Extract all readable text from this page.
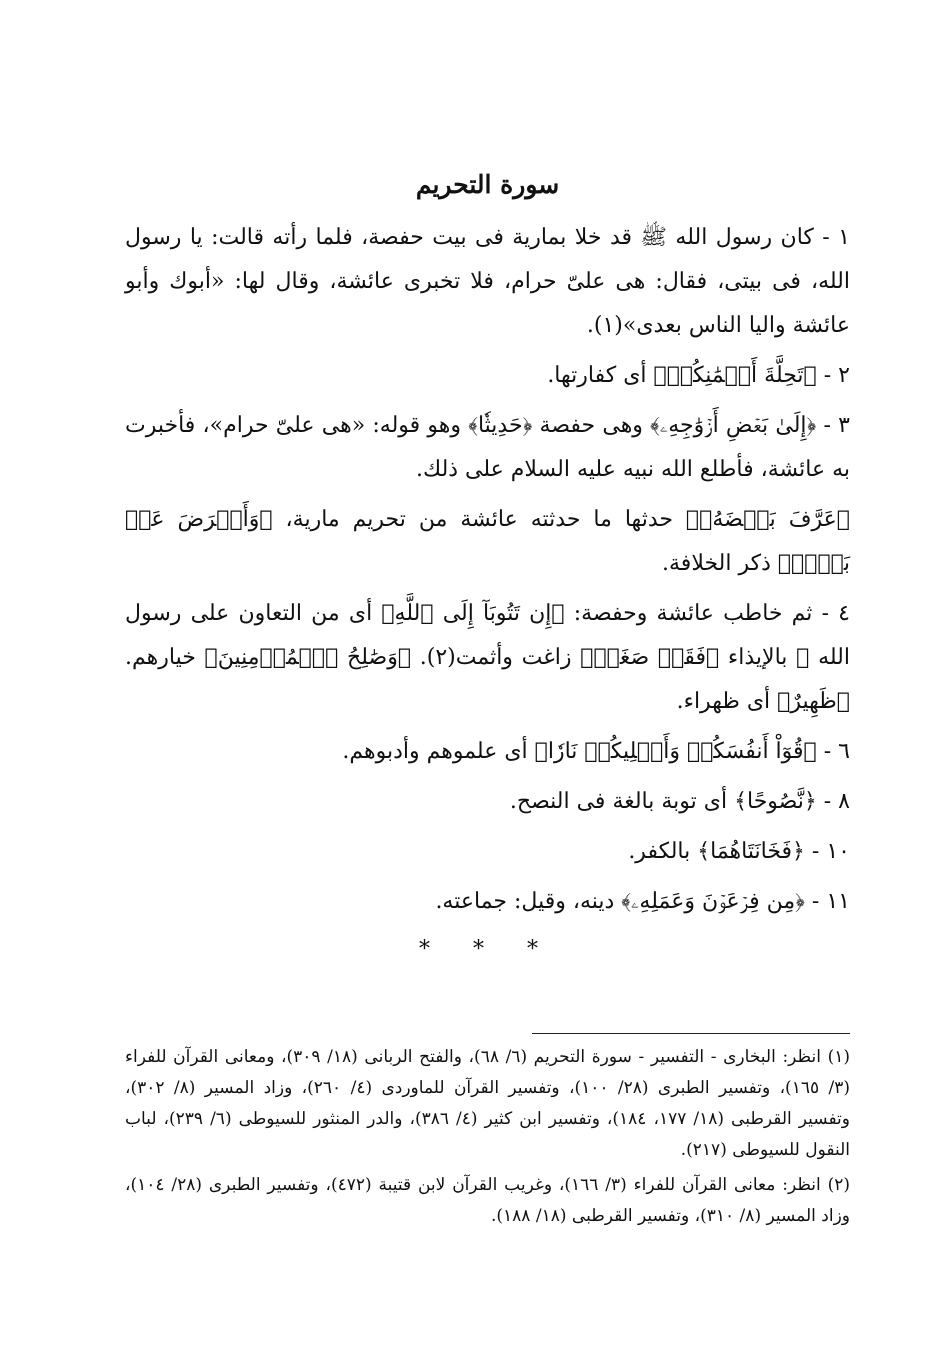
سورة التحريم

١ - كان رسول الله ﷺ قد خلا بمارية فى بيت حفصة، فلما رأته قالت: يا رسول الله، فى بيتى، فقال: هى علىّ حرام، فلا تخبرى عائشة، وقال لها: «أبوك وأبو عائشة واليا الناس بعدى»(١).

٢ - ﴿تَحِلَّةَ أَيۡمَٰنِكُمۡ﴾ أى كفارتها.

٣ - ﴿إِلَىٰ بَعۡضِ أَزۡوَٰجِهِۦ﴾ وهى حفصة ﴿حَدِيثٗا﴾ وهو قوله: «هى علىّ حرام»، فأخبرت به عائشة، فأطلع الله نبيه عليه السلام على ذلك.

﴿عَرَّفَ بَعۡضَهُۥ﴾ حدثها ما حدثته عائشة من تحريم مارية، ﴿وَأَعۡرَضَ عَنۢ بَعۡضٖ﴾ ذكر الخلافة.

٤ - ثم خاطب عائشة وحفصة: ﴿إِن تَتُوبَآ إِلَى ٱللَّهِ﴾ أى من التعاون على رسول الله ﷺ بالإيذاء ﴿فَقَدۡ صَغَتۡ﴾ زاغت وأثمت(٢). ﴿وَصَٰلِحُ ٱلۡمُؤۡمِنِينَ﴾ خيارهم. ﴿ظَهِيرٌ﴾ أى ظهراء.

٦ - ﴿قُوٓاْ أَنفُسَكُمۡ وَأَهۡلِيكُمۡ نَارٗا﴾ أى علموهم وأدبوهم.

٨ - ﴿نَّصُوحًا﴾ أى توبة بالغة فى النصح.

١٠ - ﴿فَخَانَتَاهُمَا﴾ بالكفر.

١١ - ﴿مِن فِرۡعَوۡنَ وَعَمَلِهِۦ﴾ دينه، وقيل: جماعته.

* * *

(١) انظر: البخارى - التفسير - سورة التحريم (٦/ ٦٨)، والفتح الربانى (١٨/ ٣٠٩)، ومعانى القرآن للفراء (٣/ ١٦٥)، وتفسير الطبرى (٢٨/ ١٠٠)، وتفسير القرآن للماوردى (٤/ ٢٦٠)، وزاد المسير (٨/ ٣٠٢)، وتفسير القرطبى (١٨/ ١٧٧، ١٨٤)، وتفسير ابن كثير (٤/ ٣٨٦)، والدر المنثور للسيوطى (٦/ ٢٣٩)، لباب النقول للسيوطى (٢١٧).

(٢) انظر: معانى القرآن للفراء (٣/ ١٦٦)، وغريب القرآن لابن قتيبة (٤٧٢)، وتفسير الطبرى (٢٨/ ١٠٤)، وزاد المسير (٨/ ٣١٠)، وتفسير القرطبى (١٨/ ١٨٨).
